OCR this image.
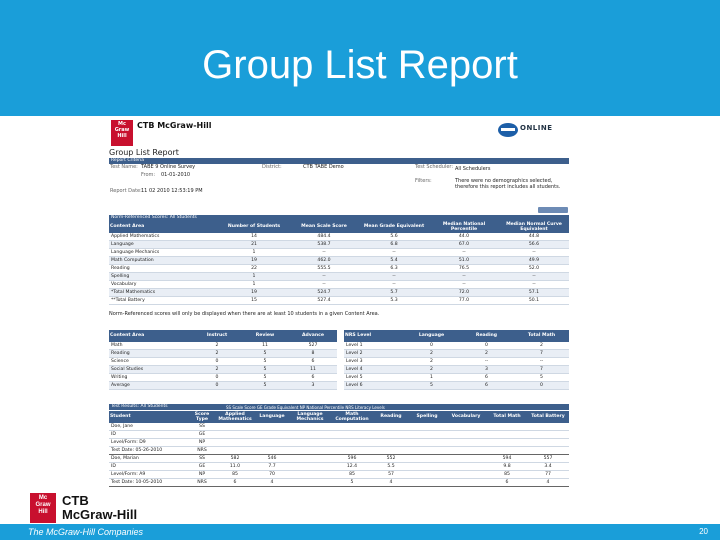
Group List Report
Mc
Graw
Hill
CTB McGraw-Hill	ONLINE
Group List Report
Report Criteria
Test Name: TABE 9 Online Survey
From: 01-01-2010
Report Date: 11 02 2010 12:53:19 PM
District:	CTB TABE Demo	Test Scheduler: All Schedulers
Filters:	There were no demographics selected, therefore this report includes all students.
Norm-Referenced Scores: All Students
Content Area	Number of Students	Mean Scale Score	Mean Grade Equivalent	Median National Percentile	Median Normal Curve Equivalent
Applied Mathematics	14	484.4	5.6	44.0	44.8
Language	21	538.7	6.8	67.0	56.6
Language Mechanics	1	--	--	--	--
Math Computation	19	462.0	5.4	51.0	49.9
Reading	22	555.5	6.3	76.5	52.0
Spelling	1	--	--	--	--
Vocabulary	1	--	--	--	--
*Total Mathematics	19	524.7	5.7	72.0	57.1
**Total Battery	15	527.4	5.3	77.0	50.1
Norm-Referenced scores will only be displayed when there are at least 10 students in a given Content Area.
Content Area	Instruct	Review	Advance
Math	2	11	527
Reading	2	5	8
Science	0	5	6
Social Studies	2	5	11
Writing	0	5	6
Average	0	5	3
NRS Level	Language	Reading	Total Math
Level 1	0	0	2
Level 2	2	2	7
Level 3	2	--	--
Level 4	2	3	7
Level 5	1	6	5
Level 6	5	6	0
Test Results: All Students	SS Scale Score GE Grade Equivalent NP National Percentile NRS Literacy Levels
Student	Score Type	Applied Mathematics	Language	Language Mechanics	Math Computation	Reading	Spelling	Vocabulary	Total Math	Total Battery
Doe, Jane	SS									
ID	GE									
Level/Form: D9	NP									
Test Date: 05-26-2010	NRS									
Doe, Marian	SS	582	546		596	552			594	557
ID	GE	11.0	7.7		12.4	5.5			9.8	3.4
Level/Form: A9	NP	85	70		85	57			85	77
Test Date: 10-05-2010	NRS	6	4		5	4			6	4
Mc
Graw
Hill
CTB
McGraw-Hill
The McGraw-Hill Companies	20
